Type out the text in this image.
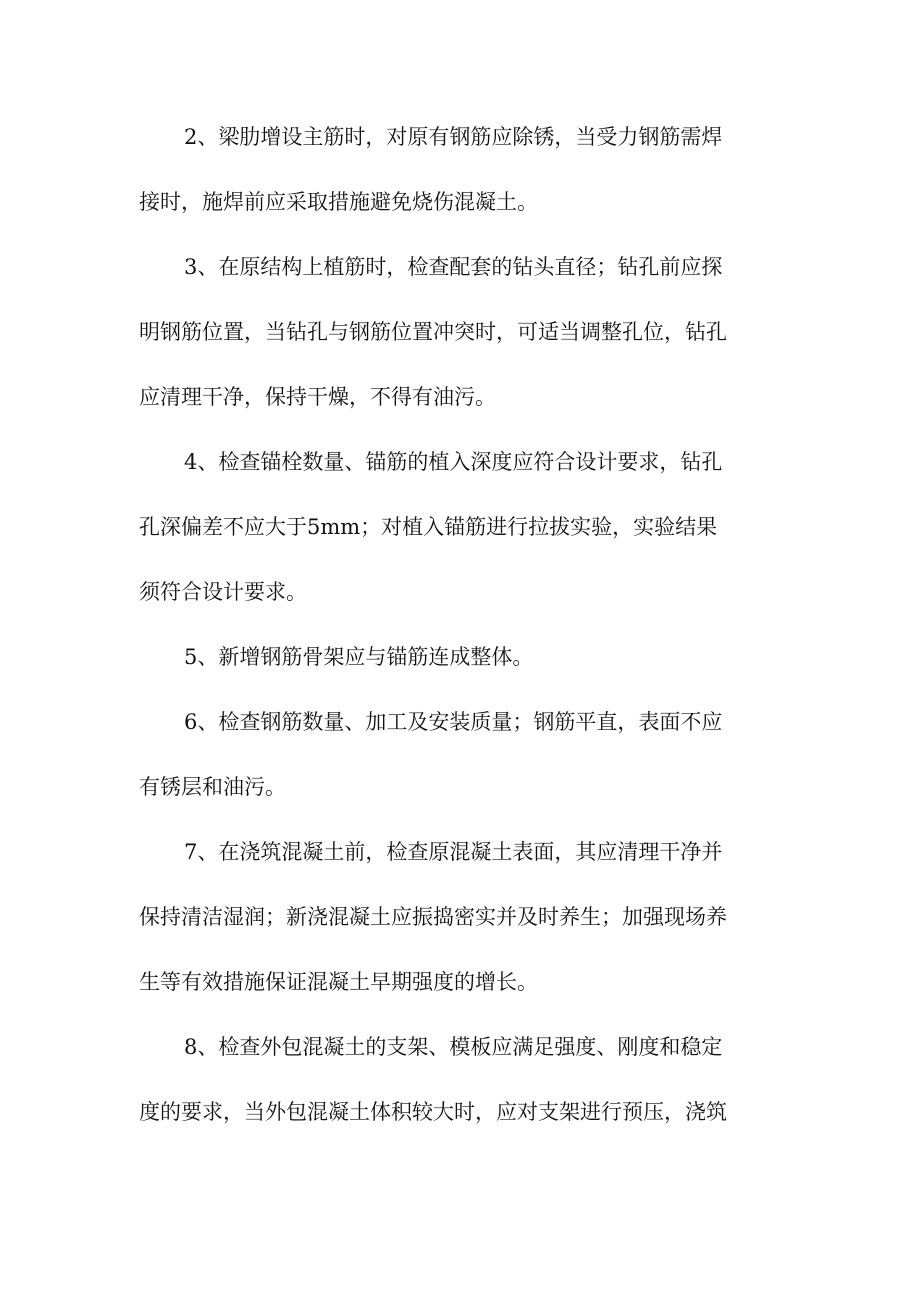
2、梁肋增设主筋时，对原有钢筋应除锈，当受力钢筋需焊
接时，施焊前应采取措施避免烧伤混凝土。
3、在原结构上植筋时，检查配套的钻头直径；钻孔前应探
明钢筋位置，当钻孔与钢筋位置冲突时，可适当调整孔位，钻孔
应清理干净，保持干燥，不得有油污。
4、检查锚栓数量、锚筋的植入深度应符合设计要求，钻孔
孔深偏差不应大于5mm；对植入锚筋进行拉拔实验，实验结果
须符合设计要求。
5、新增钢筋骨架应与锚筋连成整体。
6、检查钢筋数量、加工及安装质量；钢筋平直，表面不应
有锈层和油污。
7、在浇筑混凝土前，检查原混凝土表面，其应清理干净并
保持清洁湿润；新浇混凝土应振捣密实并及时养生；加强现场养
生等有效措施保证混凝土早期强度的增长。
8、检查外包混凝土的支架、模板应满足强度、刚度和稳定
度的要求，当外包混凝土体积较大时，应对支架进行预压，浇筑
